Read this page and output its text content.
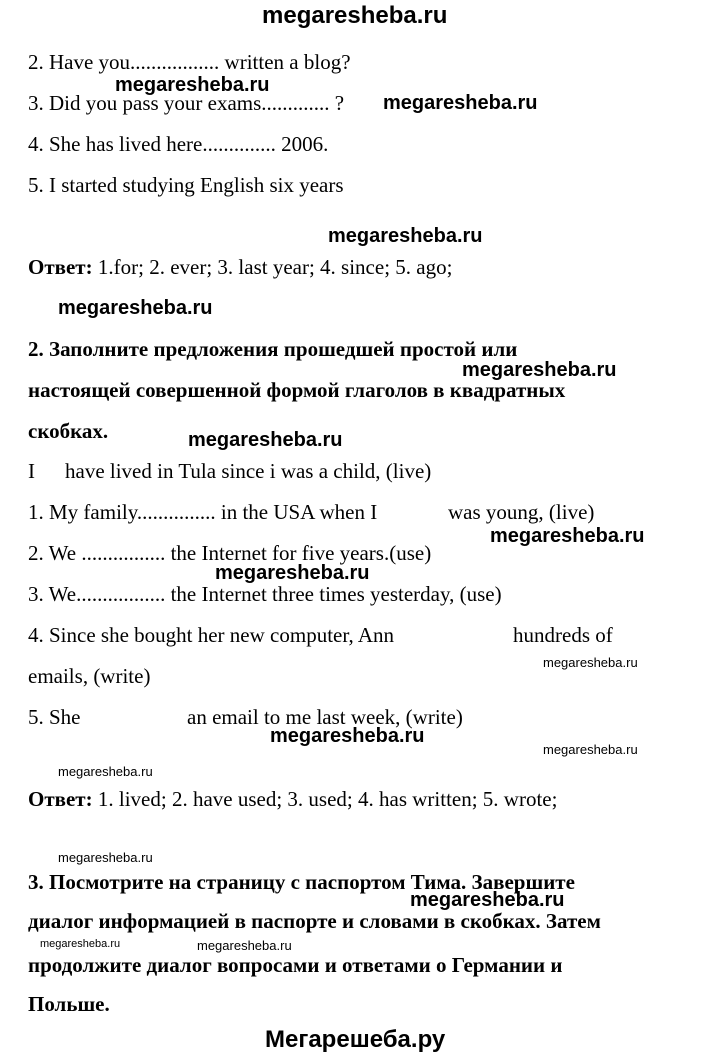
megaresheba.ru
2. Have you................. written a blog?
megaresheba.ru
3. Did you pass your exams............. ? megaresheba.ru
4. She has lived here.............. 2006.
5. I started studying English six years
megaresheba.ru
Ответ: 1.for; 2. ever; 3. last year; 4. since; 5. ago;
megaresheba.ru
2. Заполните предложения прошедшей простой или
megaresheba.ru
настоящей совершенной формой глаголов в квадратных
скобках.	megaresheba.ru
I have lived in Tula since i was a child, (live)
1. My family............... in the USA when I	was young, (live)
megaresheba.ru
2. We ................ the Internet for five years.(use)
megaresheba.ru
3. We................. the Internet three times yesterday, (use)
4. Since she bought her new computer, Ann	hundreds of
megaresheba.ru
emails, (write)
5. She	an email to me last week, (write)
megaresheba.ru
megaresheba.ru
megaresheba.ru
Ответ: 1. lived; 2. have used; 3. used; 4. has written; 5. wrote;
megaresheba.ru
3. Посмотрите на страницу с паспортом Тима. Завершите
megaresheba.ru
диалог информацией в паспорте и словами в скобках. Затем
megaresheba.ru	megaresheba.ru
продолжите диалог вопросами и ответами о Германии и
Польше.
Мегарешеба.ру
